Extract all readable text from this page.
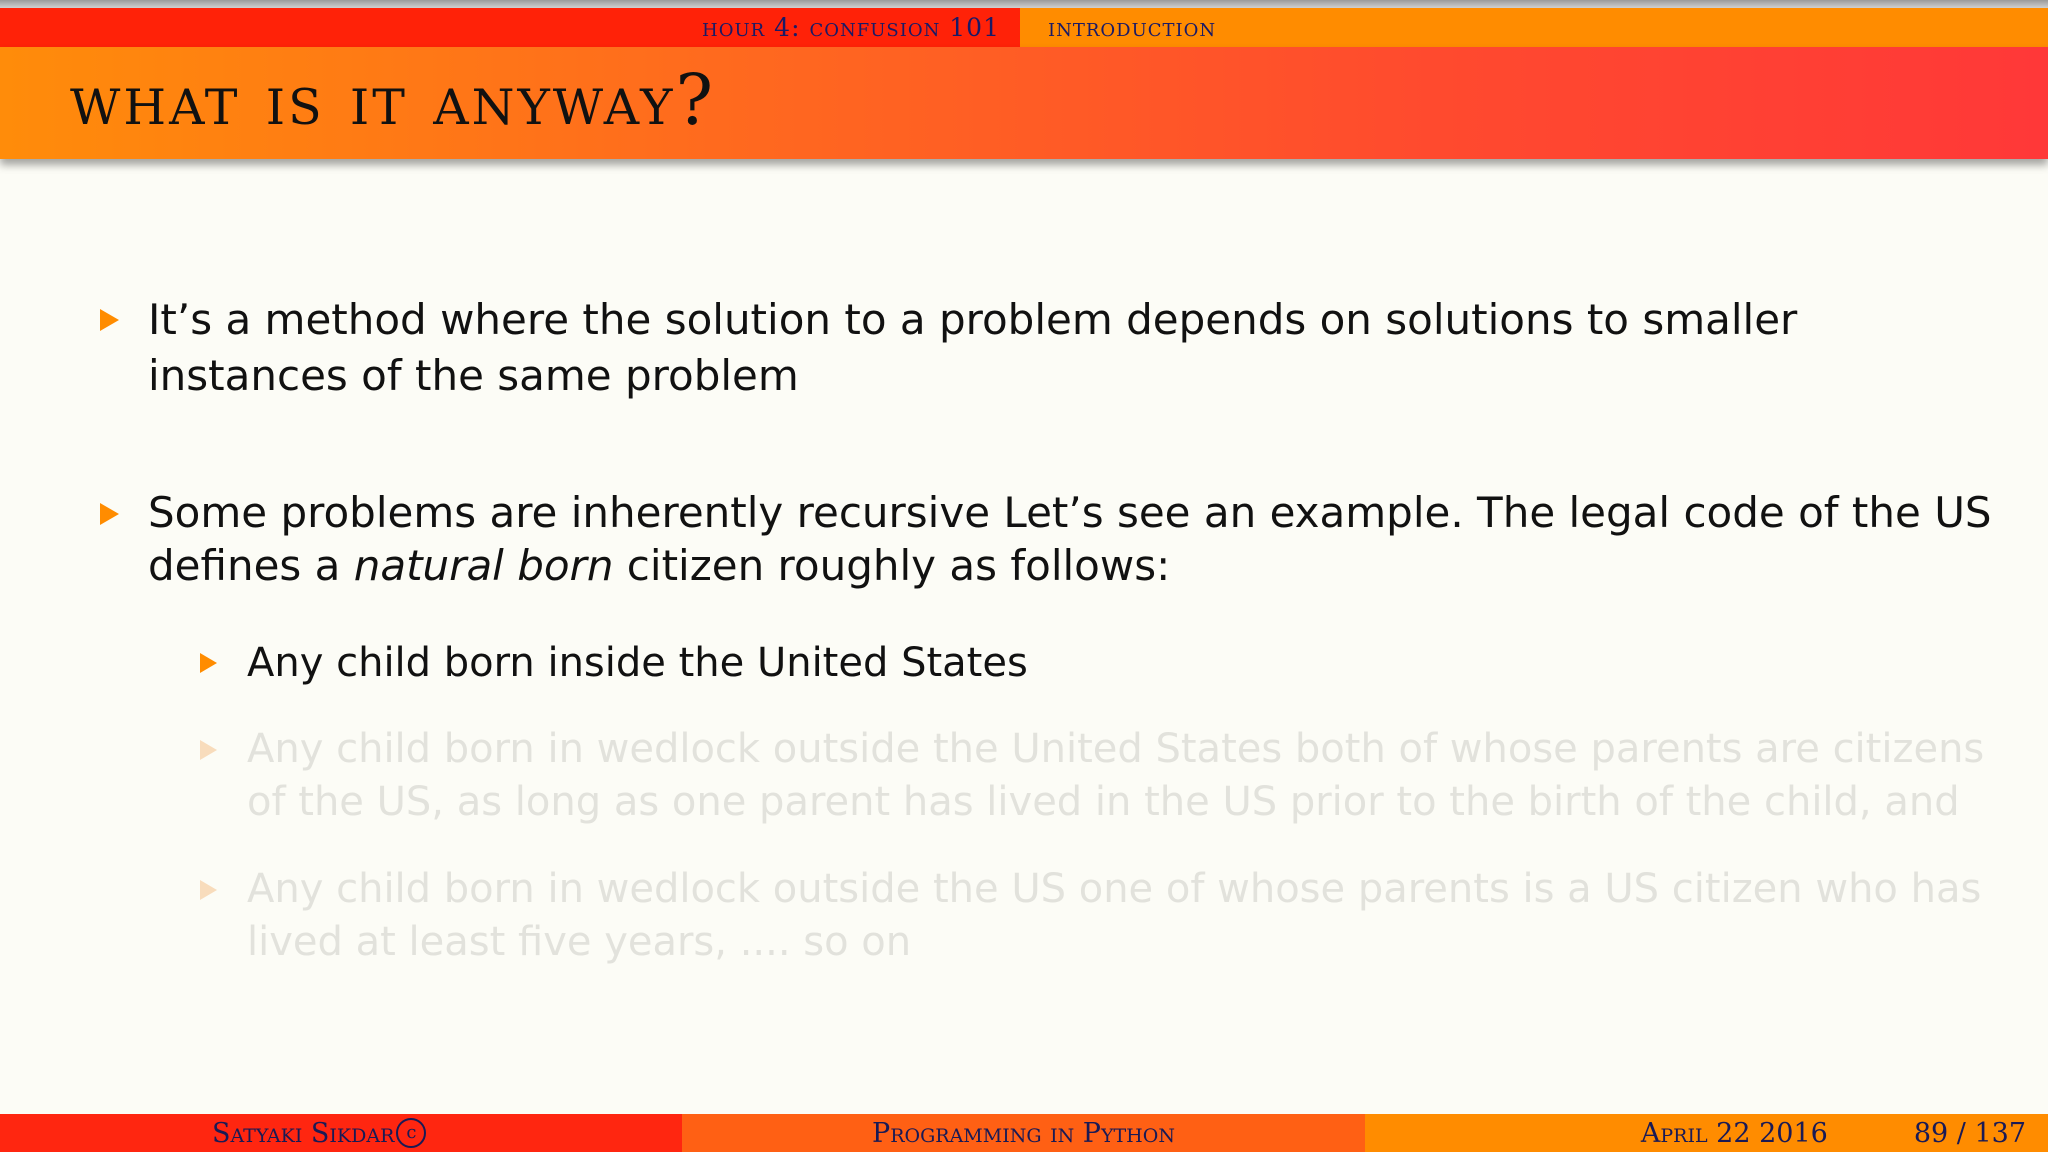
hour 4: confusion 101 introduction
what is it anyway?
It’s a method where the solution to a problem depends on solutions to smaller instances of the same problem
Some problems are inherently recursive Let’s see an example. The legal code of the US defines a natural born citizen roughly as follows:
Any child born inside the United States
Any child born in wedlock outside the United States both of whose parents are citizens of the US, as long as one parent has lived in the US prior to the birth of the child, and
Any child born in wedlock outside the US one of whose parents is a US citizen who has lived at least five years, .... so on
Satyaki Sikdar c	Programming in Python	April 22 2016	89 / 137
